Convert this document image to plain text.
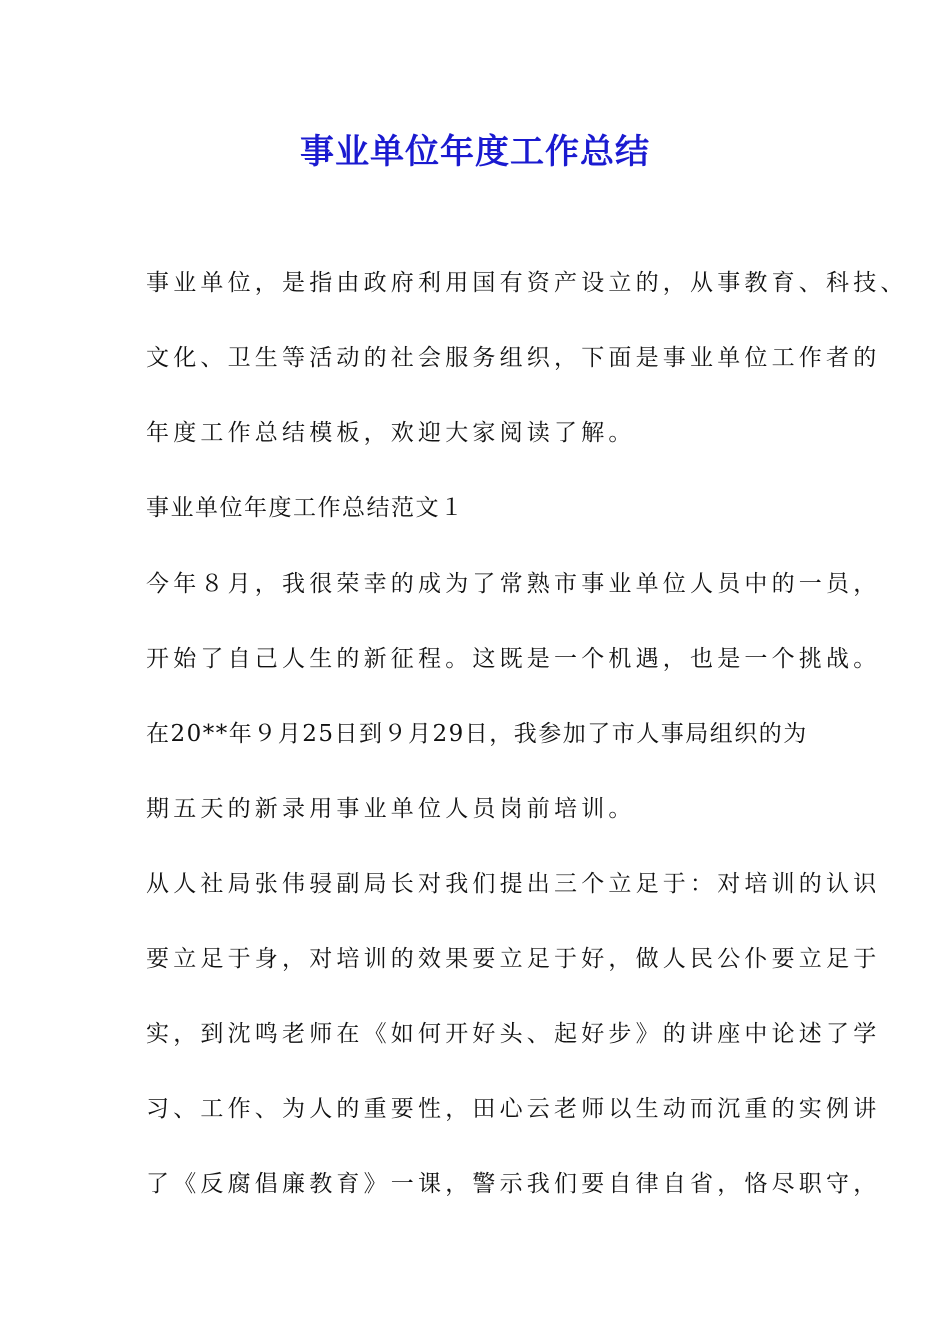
事业单位年度工作总结

事业单位，是指由政府利用国有资产设立的，从事教育、科技、

文化、卫生等活动的社会服务组织，下面是事业单位工作者的

年度工作总结模板，欢迎大家阅读了解。

事业单位年度工作总结范文１

今年８月，我很荣幸的成为了常熟市事业单位人员中的一员，

开始了自己人生的新征程。这既是一个机遇，也是一个挑战。

在20**年９月25日到９月29日，我参加了市人事局组织的为

期五天的新录用事业单位人员岗前培训。

从人社局张伟骎副局长对我们提出三个立足于：对培训的认识

要立足于身，对培训的效果要立足于好，做人民公仆要立足于

实，到沈鸣老师在《如何开好头、起好步》的讲座中论述了学

习、工作、为人的重要性，田心云老师以生动而沉重的实例讲

了《反腐倡廉教育》一课，警示我们要自律自省，恪尽职守，
